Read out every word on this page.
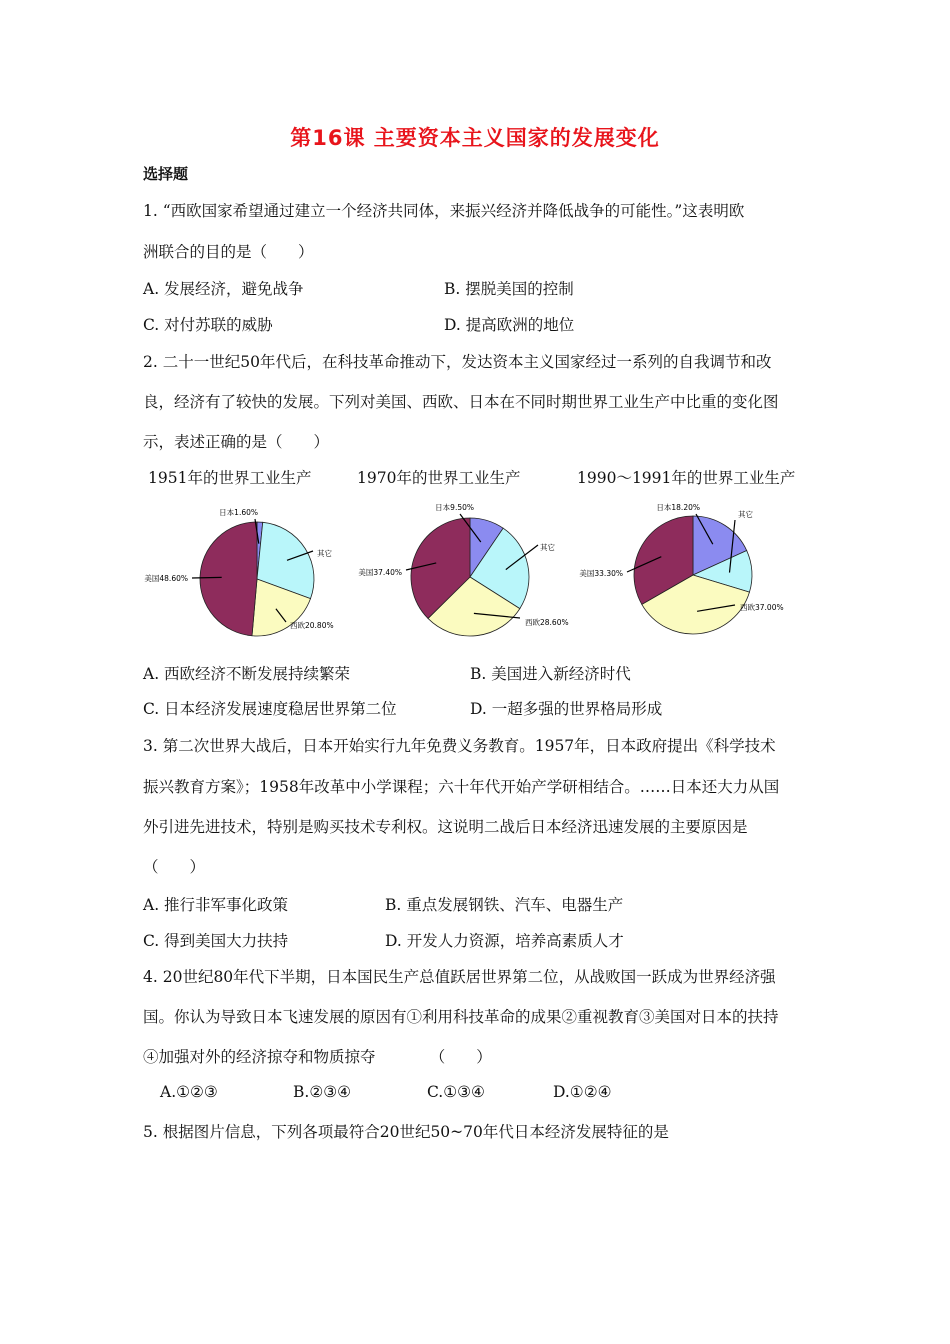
第16课 主要资本主义国家的发展变化
选择题
1. “西欧国家希望通过建立一个经济共同体，来振兴经济并降低战争的可能性。”这表明欧
洲联合的目的是（　　）
A. 发展经济，避免战争	B. 摆脱美国的控制
C. 对付苏联的威胁	D. 提高欧洲的地位
2. 二十一世纪50年代后，在科技革命推动下，发达资本主义国家经过一系列的自我调节和改
良，经济有了较快的发展。下列对美国、西欧、日本在不同时期世界工业生产中比重的变化图
示，表述正确的是（　　）
1951年的世界工业生产	1970年的世界工业生产	1990～1991年的世界工业生产
日本1.60%
其它
西欧20.80%
美国48.60%
日本9.50%
其它
西欧28.60%
美国37.40%
日本18.20%
其它
西欧37.00%
美国33.30%
A. 西欧经济不断发展持续繁荣	B. 美国进入新经济时代
C. 日本经济发展速度稳居世界第二位	D. 一超多强的世界格局形成
3. 第二次世界大战后，日本开始实行九年免费义务教育。1957年，日本政府提出《科学技术
振兴教育方案》；1958年改革中小学课程；六十年代开始产学研相结合。……日本还大力从国
外引进先进技术，特别是购买技术专利权。这说明二战后日本经济迅速发展的主要原因是
（　　）
A. 推行非军事化政策	B. 重点发展钢铁、汽车、电器生产
C. 得到美国大力扶持	D. 开发人力资源，培养高素质人才
4. 20世纪80年代下半期，日本国民生产总值跃居世界第二位，从战败国一跃成为世界经济强
国。你认为导致日本飞速发展的原因有①利用科技革命的成果②重视教育③美国对日本的扶持
④加强对外的经济掠夺和物质掠夺　　　　（　　）
A.①②③	B.②③④	C.①③④	D.①②④
5. 根据图片信息，下列各项最符合20世纪50~70年代日本经济发展特征的是
